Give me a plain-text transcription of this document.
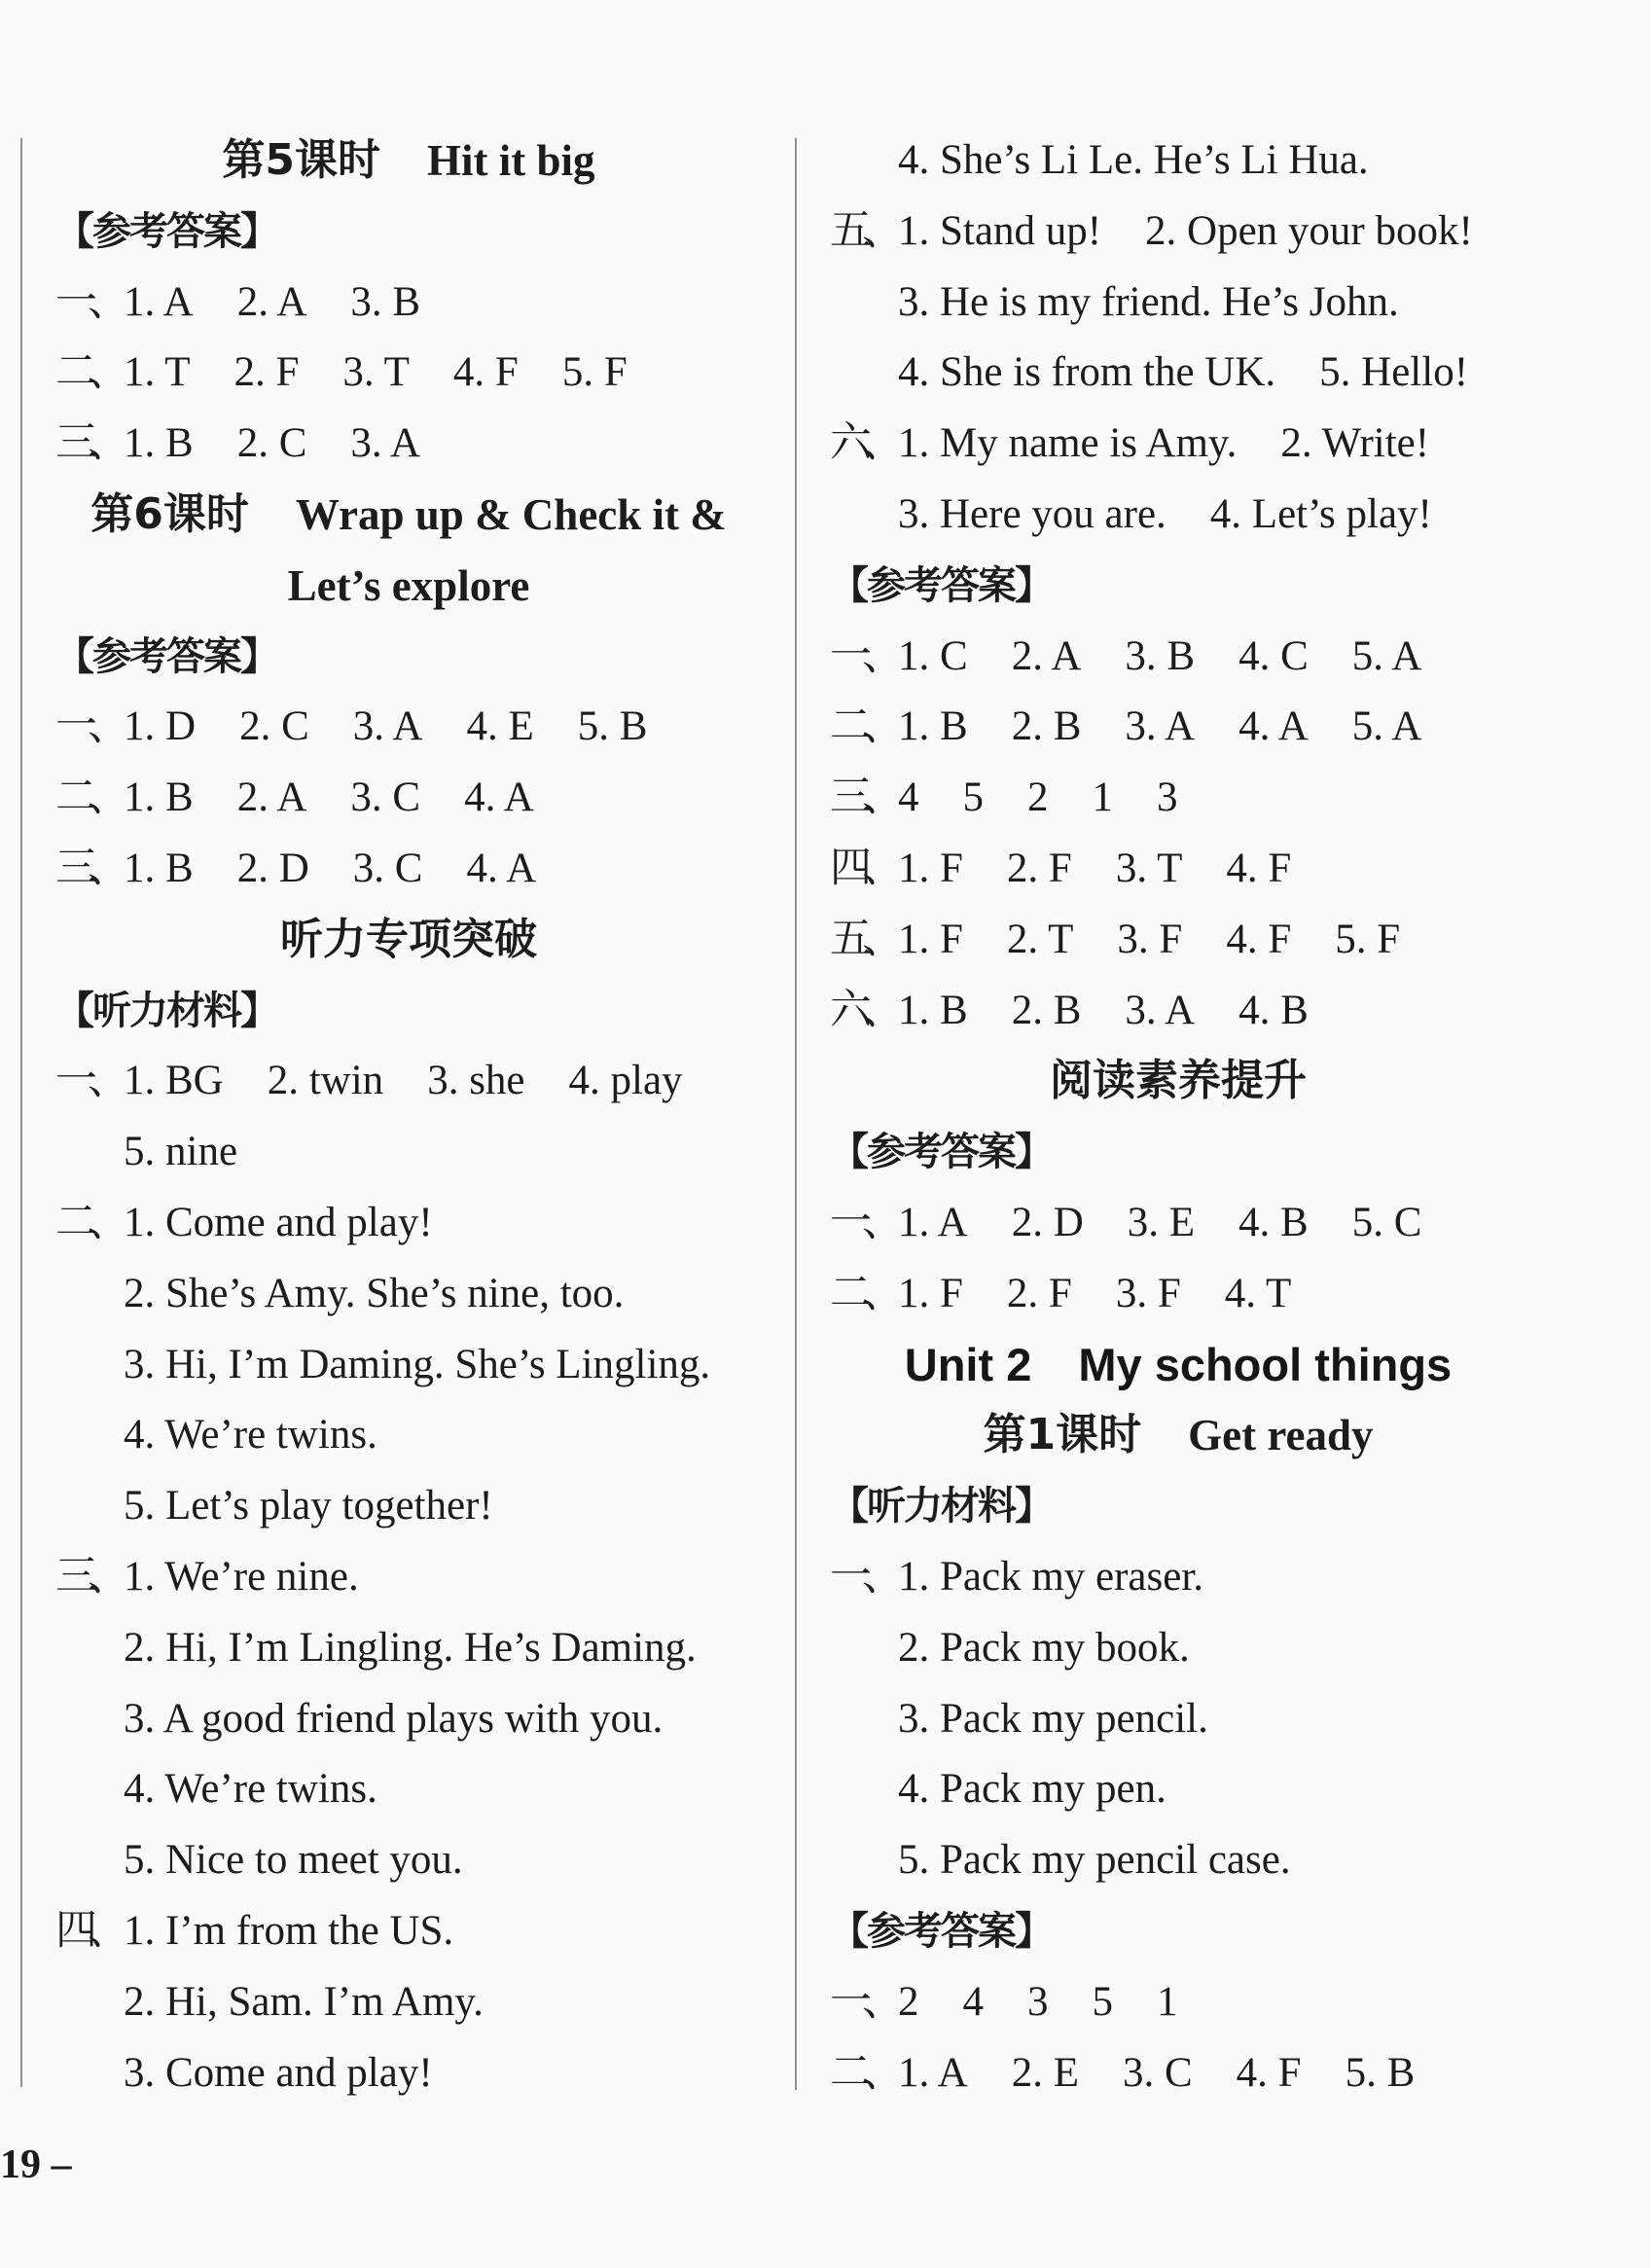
第5课时 Hit it big
【参考答案】
一、 1. A 2. A 3. B
二、 1. T 2. F 3. T 4. F 5. F
三、 1. B 2. C 3. A
第6课时 Wrap up & Check it &
Let’s explore
【参考答案】
一、 1. D 2. C 3. A 4. E 5. B
二、 1. B 2. A 3. C 4. A
三、 1. B 2. D 3. C 4. A
听力专项突破
【听力材料】
一、 1. BG 2. twin 3. she 4. play
5. nine
二、 1. Come and play!
2. She’s Amy. She’s nine, too.
3. Hi, I’m Daming. She’s Lingling.
4. We’re twins.
5. Let’s play together!
三、 1. We’re nine.
2. Hi, I’m Lingling. He’s Daming.
3. A good friend plays with you.
4. We’re twins.
5. Nice to meet you.
四、 1. I’m from the US.
2. Hi, Sam. I’m Amy.
3. Come and play!
4. She’s Li Le. He’s Li Hua.
五、 1. Stand up! 2. Open your book!
3. He is my friend. He’s John.
4. She is from the UK. 5. Hello!
六、 1. My name is Amy. 2. Write!
3. Here you are. 4. Let’s play!
【参考答案】
一、 1. C 2. A 3. B 4. C 5. A
二、 1. B 2. B 3. A 4. A 5. A
三、 4 5 2 1 3
四、 1. F 2. F 3. T 4. F
五、 1. F 2. T 3. F 4. F 5. F
六、 1. B 2. B 3. A 4. B
阅读素养提升
【参考答案】
一、 1. A 2. D 3. E 4. B 5. C
二、 1. F 2. F 3. F 4. T
Unit 2 My school things
第1课时 Get ready
【听力材料】
一、 1. Pack my eraser.
2. Pack my book.
3. Pack my pencil.
4. Pack my pen.
5. Pack my pencil case.
【参考答案】
一、 2 4 3 5 1
二、 1. A 2. E 3. C 4. F 5. B
19 –
